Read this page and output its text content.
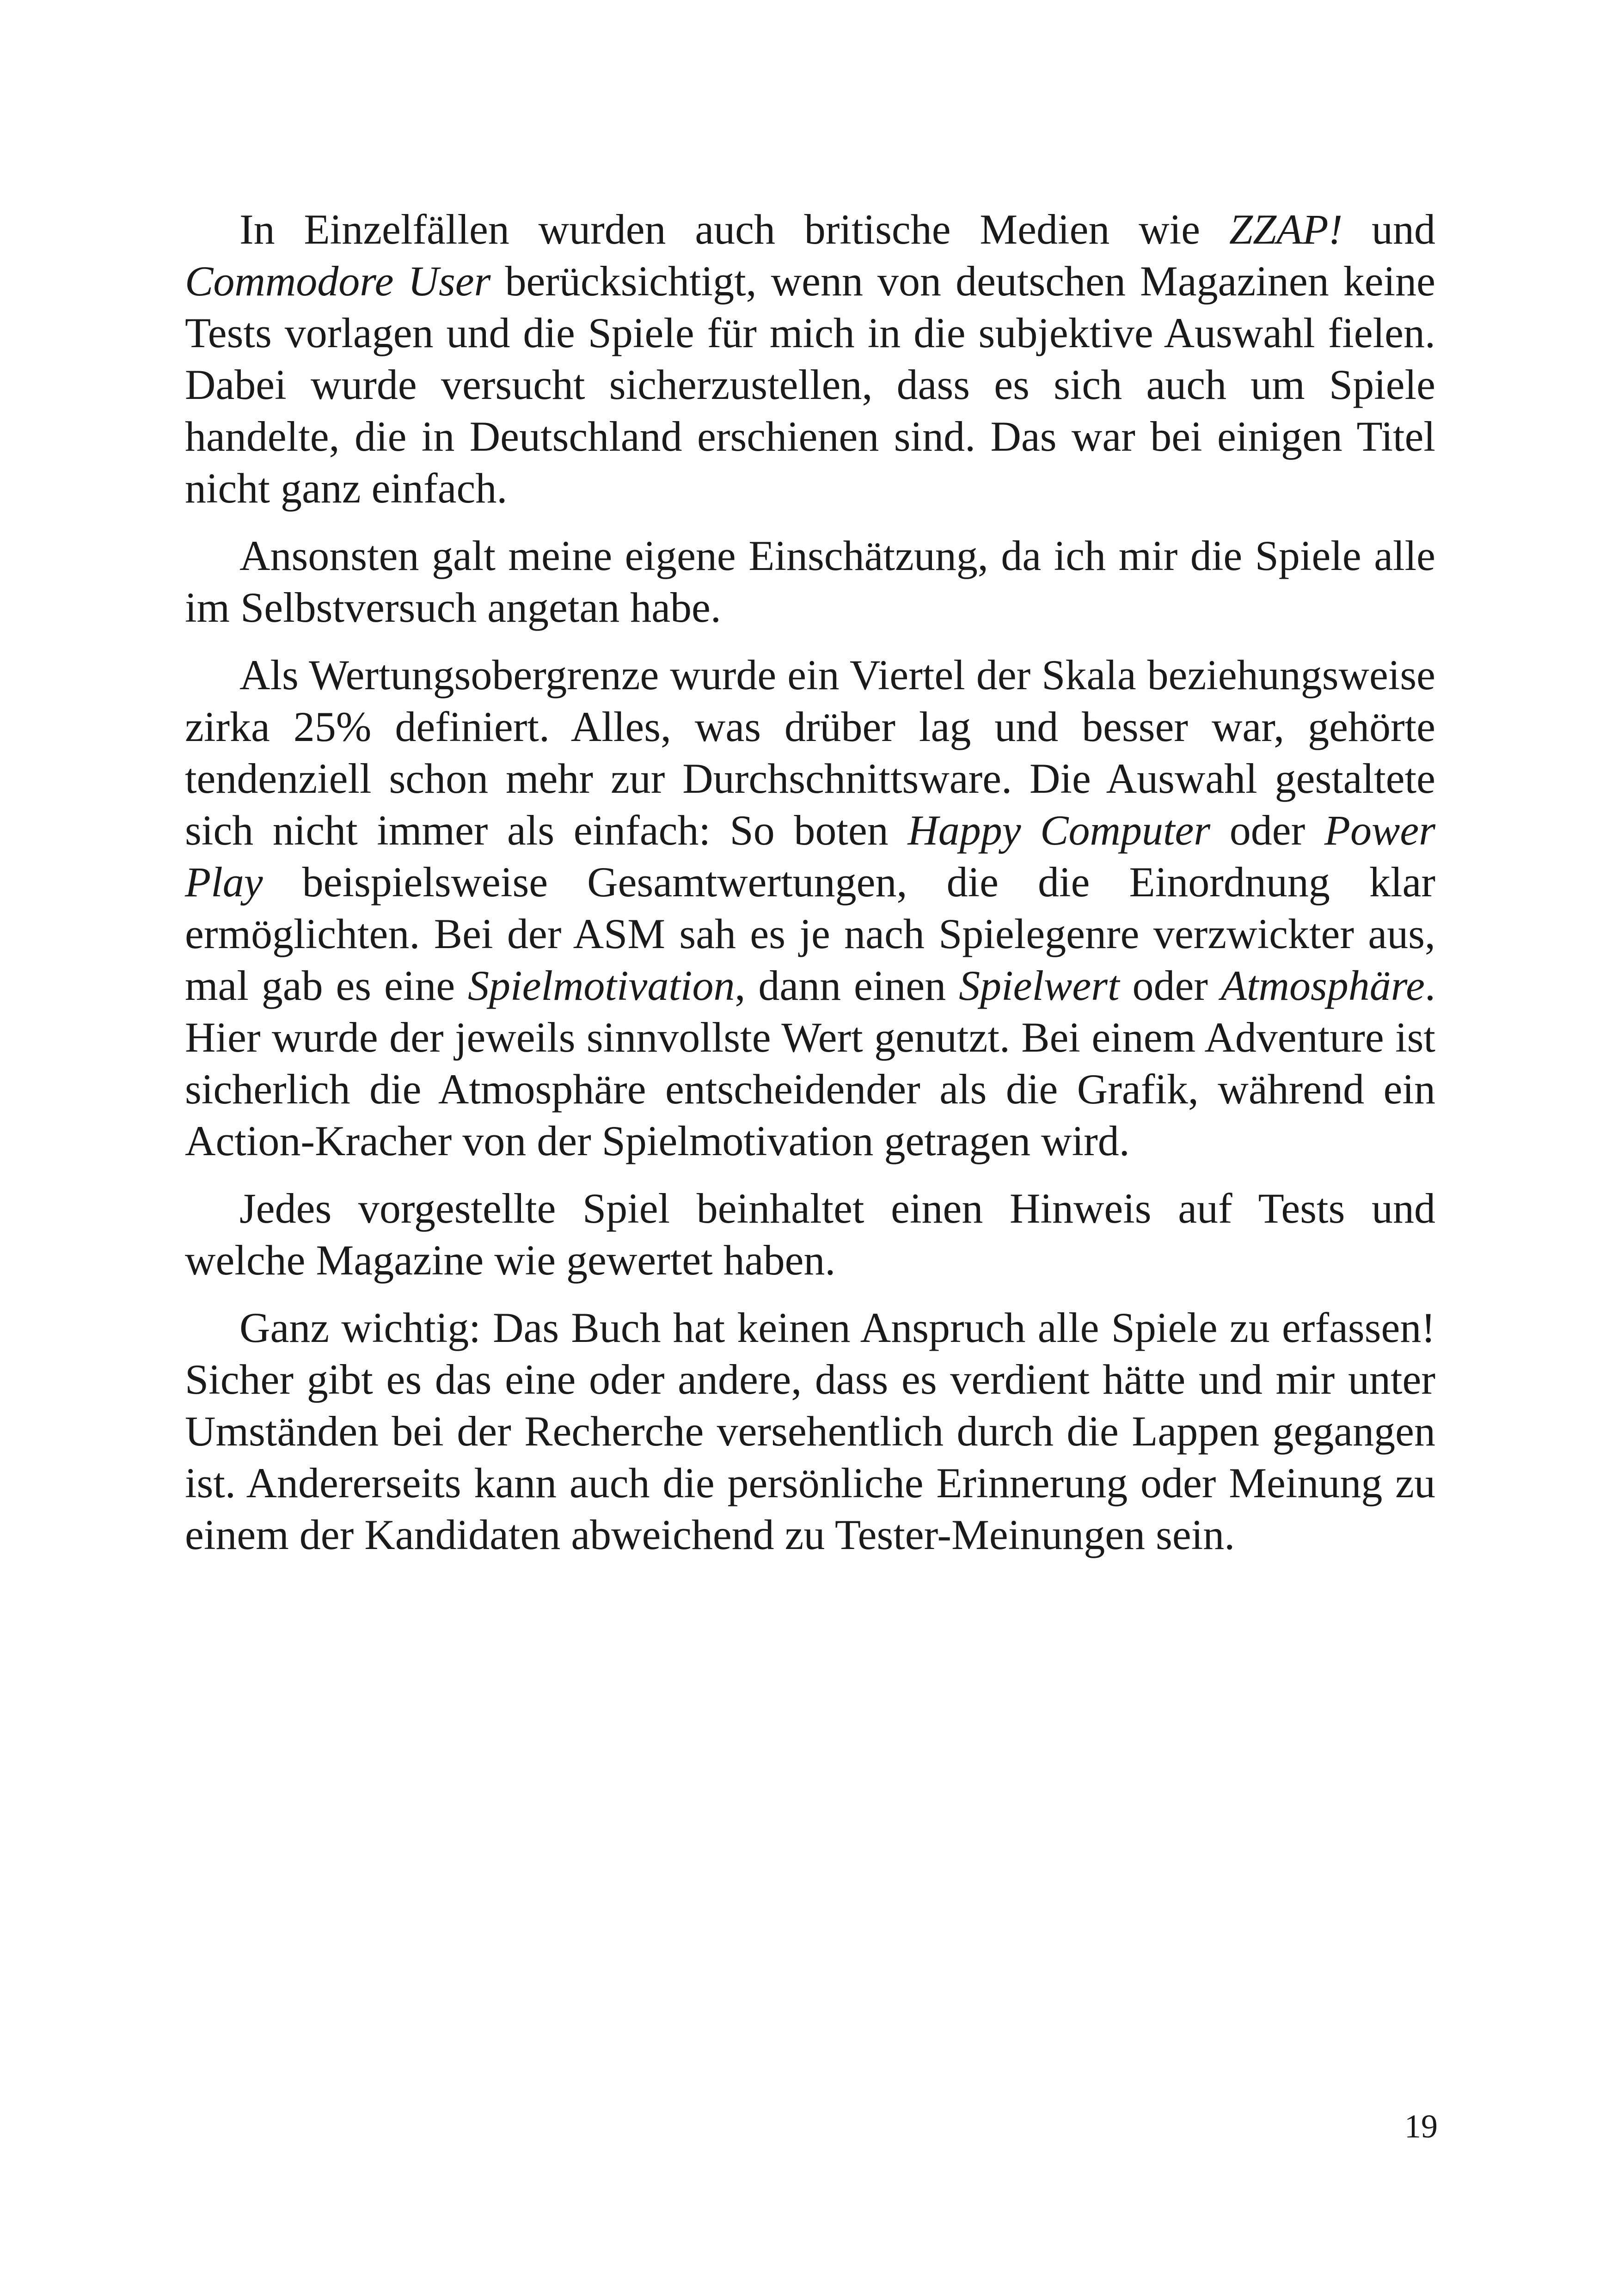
In Einzelfällen wurden auch britische Medien wie ZZAP! und Commodore User berücksichtigt, wenn von deutschen Magazinen keine Tests vorlagen und die Spiele für mich in die subjektive Auswahl fielen. Dabei wurde versucht sicherzustellen, dass es sich auch um Spiele handelte, die in Deutschland erschienen sind. Das war bei einigen Titel nicht ganz einfach.

Ansonsten galt meine eigene Einschätzung, da ich mir die Spiele alle im Selbstversuch angetan habe.

Als Wertungsobergrenze wurde ein Viertel der Skala beziehungsweise zirka 25% definiert. Alles, was drüber lag und besser war, gehörte tendenziell schon mehr zur Durchschnittsware. Die Auswahl gestaltete sich nicht immer als einfach: So boten Happy Computer oder Power Play beispielsweise Gesamtwertungen, die die Einordnung klar ermöglichten. Bei der ASM sah es je nach Spielegenre verzwickter aus, mal gab es eine Spielmotivation, dann einen Spielwert oder Atmosphäre. Hier wurde der jeweils sinnvollste Wert genutzt. Bei einem Adventure ist sicherlich die Atmosphäre entscheidender als die Grafik, während ein Action-Kracher von der Spielmotivation getragen wird.

Jedes vorgestellte Spiel beinhaltet einen Hinweis auf Tests und welche Magazine wie gewertet haben.

Ganz wichtig: Das Buch hat keinen Anspruch alle Spiele zu erfassen! Sicher gibt es das eine oder andere, dass es verdient hätte und mir unter Umständen bei der Recherche versehentlich durch die Lappen gegangen ist. Andererseits kann auch die persönliche Erinnerung oder Meinung zu einem der Kandidaten abweichend zu Tester-Meinungen sein.

19
